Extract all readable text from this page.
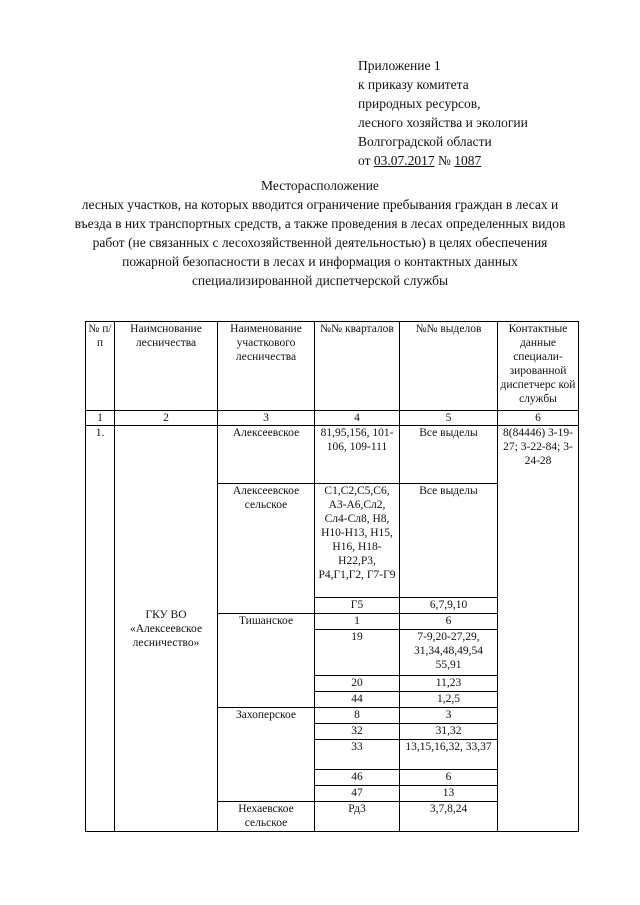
Приложение 1
к приказу комитета
природных ресурсов,
лесного хозяйства и экологии
Волгоградской области
от 03.07.2017 № 1087
Месторасположение
лесных участков, на которых вводится ограничение пребывания граждан в лесах и въезда в них транспортных средств, а также проведения в лесах определенных видов работ (не связанных с лесохозяйственной деятельностью) в целях обеспечения пожарной безопасности в лесах и информация о контактных данных специализированной диспетчерской службы
№ п/п	Наимснование лесничества	Наименование участкового лесничества	№№ кварталов	№№ выделов	Контактные данные специали-зированной диспетчерс кой службы
1	2	3	4	5	6
1.	ГКУ ВО «Алексеевское лесничество»	Алексеевское	81,95,156, 101-106, 109-111	Все выделы	8(84446) 3-19-27; 3-22-84; 3-24-28
		Алексеевское сельское	С1,С2,С5,С6, А3-А6,Сл2, Сл4-Сл8, Н8, Н10-Н13, Н15, Н16, Н18-Н22,Р3, Р4,Г1,Г2, Г7-Г9	Все выделы	
			Г5	6,7,9,10	
		Тишанское	1	6	
			19	7-9,20-27,29, 31,34,48,49,54 55,91	
			20	11,23	
			44	1,2,5	
		Захоперское	8	3	
			32	31,32	
			33	13,15,16,32, 33,37	
			46	6	
			47	13	
		Нехаевское сельское	Рд3	3,7,8,24	
